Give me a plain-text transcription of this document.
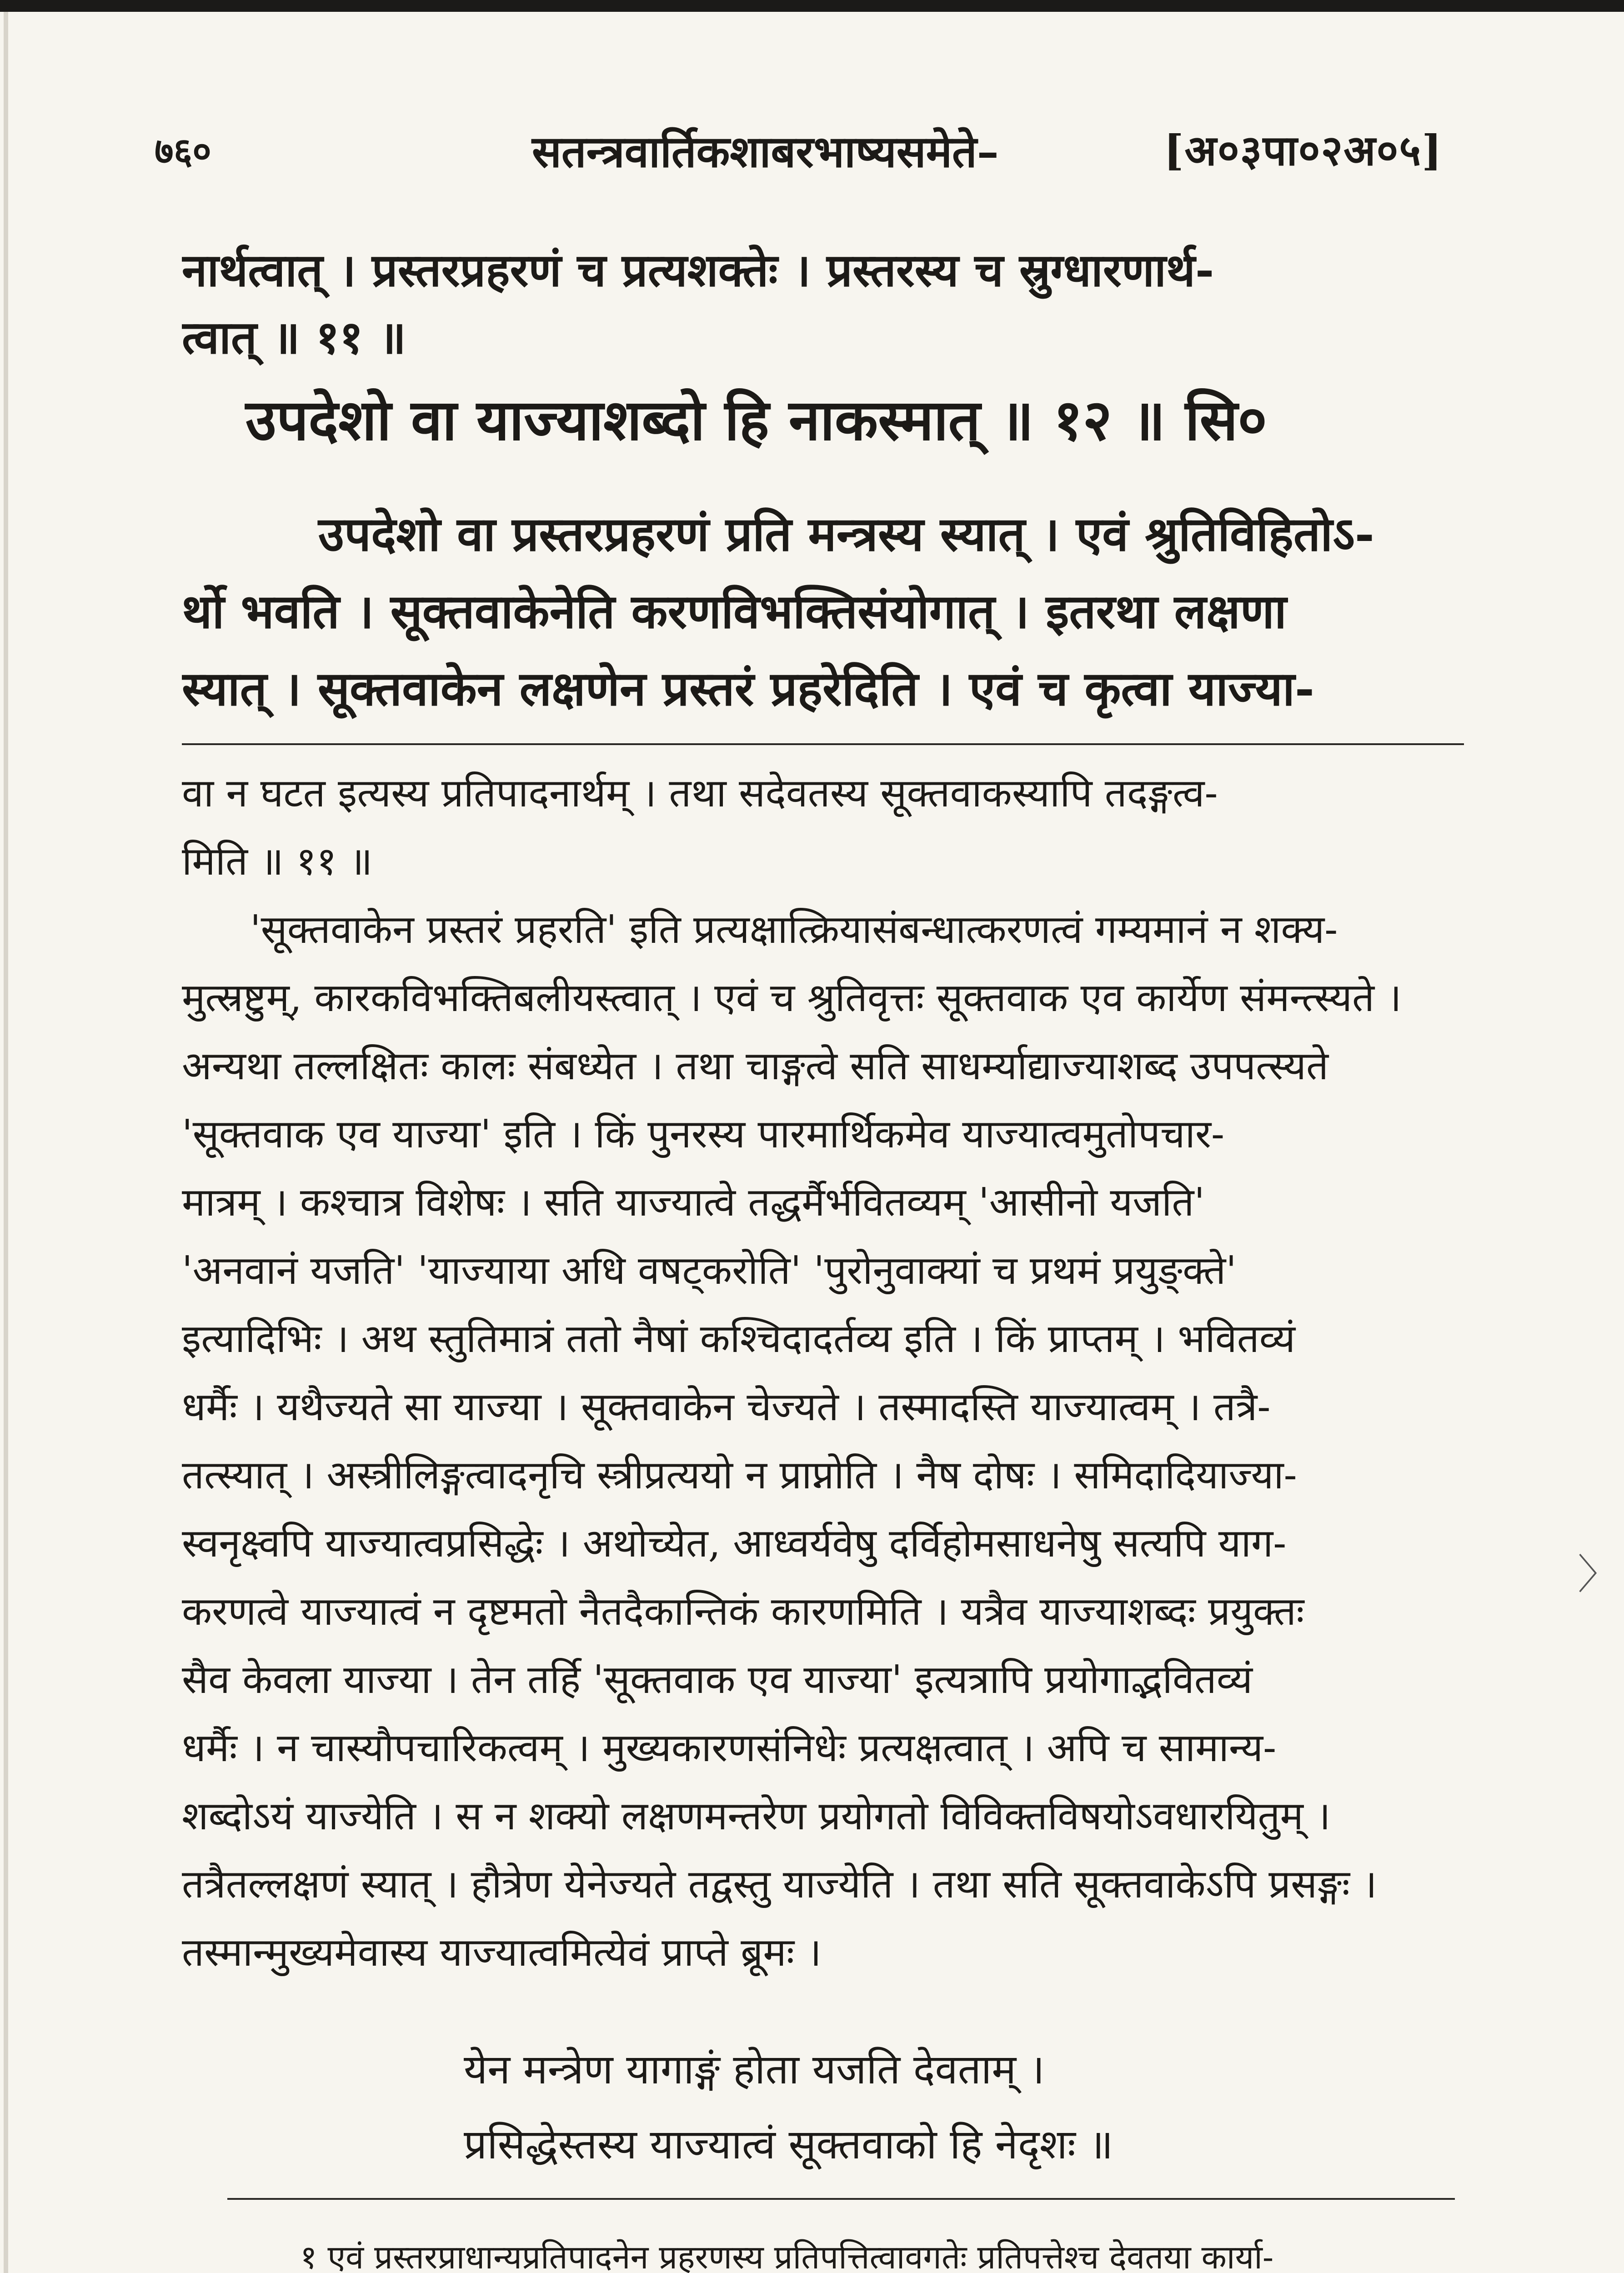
७६०	सतन्त्रवार्तिकशाबरभाष्यसमेते–	[अ०३पा०२अ०५]
नार्थत्वात् । प्रस्तरप्रहरणं च प्रत्यशक्तेः । प्रस्तरस्य च स्रुग्धारणार्थ-
त्वात् ॥ ११ ॥
उपदेशो वा याज्याशब्दो हि नाकस्मात् ॥ १२ ॥ सि०
उपदेशो वा प्रस्तरप्रहरणं प्रति मन्त्रस्य स्यात् । एवं श्रुतिविहितोऽ-
र्थो भवति । सूक्तवाकेनेति करणविभक्तिसंयोगात् । इतरथा लक्षणा
स्यात् । सूक्तवाकेन लक्षणेन प्रस्तरं प्रहरेदिति । एवं च कृत्वा याज्या-
वा न घटत इत्यस्य प्रतिपादनार्थम् । तथा सदेवतस्य सूक्तवाकस्यापि तदङ्गत्व-
मिति ॥ ११ ॥
'सूक्तवाकेन प्रस्तरं प्रहरति' इति प्रत्यक्षात्क्रियासंबन्धात्करणत्वं गम्यमानं न शक्य-
मुत्स्रष्टुम्, कारकविभक्तिबलीयस्त्वात् । एवं च श्रुतिवृत्तः सूक्तवाक एव कार्येण संमन्त्स्यते ।
अन्यथा तल्लक्षितः कालः संबध्येत । तथा चाङ्गत्वे सति साधर्म्याद्याज्याशब्द उपपत्स्यते
'सूक्तवाक एव याज्या' इति । किं पुनरस्य पारमार्थिकमेव याज्यात्वमुतोपचार-
मात्रम् । कश्चात्र विशेषः । सति याज्यात्वे तद्धर्मैर्भवितव्यम् 'आसीनो यजति'
'अनवानं यजति' 'याज्याया अधि वषट्करोति' 'पुरोनुवाक्यां च प्रथमं प्रयुङ्क्ते'
इत्यादिभिः । अथ स्तुतिमात्रं ततो नैषां कश्चिदादर्तव्य इति । किं प्राप्तम् । भवितव्यं
धर्मैः । यथैज्यते सा याज्या । सूक्तवाकेन चेज्यते । तस्मादस्ति याज्यात्वम् । तत्रै-
तत्स्यात् । अस्त्रीलिङ्गत्वादनृचि स्त्रीप्रत्ययो न प्राप्नोति । नैष दोषः । समिदादियाज्या-
स्वनृक्ष्वपि याज्यात्वप्रसिद्धेः । अथोच्येत, आध्वर्यवेषु दर्विहोमसाधनेषु सत्यपि याग-
करणत्वे याज्यात्वं न दृष्टमतो नैतदैकान्तिकं कारणमिति । यत्रैव याज्याशब्दः प्रयुक्तः
सैव केवला याज्या । तेन तर्हि 'सूक्तवाक एव याज्या' इत्यत्रापि प्रयोगाद्भवितव्यं
धर्मैः । न चास्यौपचारिकत्वम् । मुख्यकारणसंनिधेः प्रत्यक्षत्वात् । अपि च सामान्य-
शब्दोऽयं याज्येति । स न शक्यो लक्षणमन्तरेण प्रयोगतो विविक्तविषयोऽवधारयितुम् ।
तत्रैतल्लक्षणं स्यात् । हौत्रेण येनेज्यते तद्वस्तु याज्येति । तथा सति सूक्तवाकेऽपि प्रसङ्गः ।
तस्मान्मुख्यमेवास्य याज्यात्वमित्येवं प्राप्ते ब्रूमः ।
येन मन्त्रेण यागाङ्गं होता यजति देवताम् ।
प्रसिद्धेस्तस्य याज्यात्वं सूक्तवाको हि नेदृशः ॥
१ एवं प्रस्तरप्राधान्यप्रतिपादनेन प्रहरणस्य प्रतिपत्तित्वावगतेः प्रतिपत्तेश्च देवतया कार्या-
〉
